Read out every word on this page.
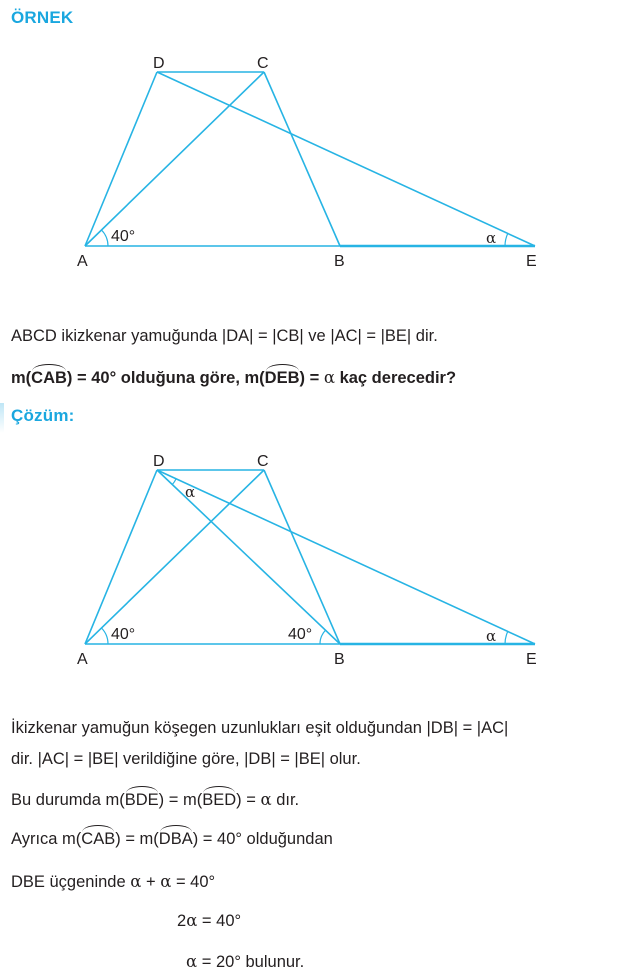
ÖRNEK
D	C
A	B	E
40°	α
ABCD ikizkenar yamuğunda |DA| = |CB| ve |AC| = |BE| dir.
m(CAB) = 40° olduğuna göre, m(DEB) = α kaç derecedir?
Çözüm:
D	C
A	B	E
40°	40°
α
α
İkizkenar yamuğun köşegen uzunlukları eşit olduğundan |DB| = |AC|
dir. |AC| = |BE| verildiğine göre, |DB| = |BE| olur.
Bu durumda m(BDE) = m(BED) = α dır.
Ayrıca m(CAB) = m(DBA) = 40° olduğundan
DBE üçgeninde α + α = 40°
2α = 40°
α = 20° bulunur.
